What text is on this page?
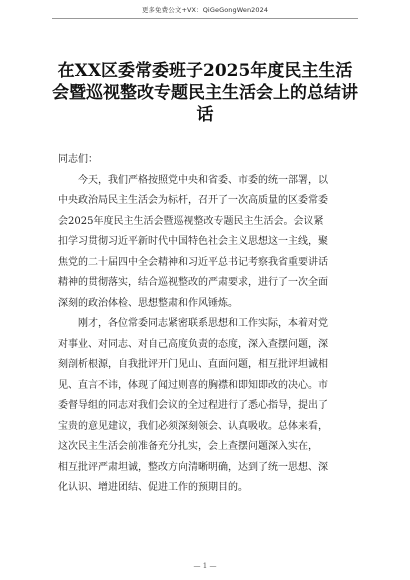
更多免费公文+VX：QiGeGongWen2024
在XX区委常委班子2025年度民主生活
会暨巡视整改专题民主生活会上的总结讲
话
同志们：
今天，我们严格按照党中央和省委、市委的统一部署，以
中央政治局民主生活会为标杆，召开了一次高质量的区委常委
会2025年度民主生活会暨巡视整改专题民主生活会。会议紧
扣学习贯彻习近平新时代中国特色社会主义思想这一主线，聚
焦党的二十届四中全会精神和习近平总书记考察我省重要讲话
精神的贯彻落实，结合巡视整改的严肃要求，进行了一次全面
深刻的政治体检、思想整肃和作风锤炼。
刚才，各位常委同志紧密联系思想和工作实际，本着对党
对事业、对同志、对自己高度负责的态度，深入查摆问题，深
刻剖析根源，自我批评开门见山、直面问题，相互批评坦诚相
见、直言不讳，体现了闻过则喜的胸襟和即知即改的决心。市
委督导组的同志对我们会议的全过程进行了悉心指导，提出了
宝贵的意见建议，我们必须深刻领会、认真吸收。总体来看，
这次民主生活会前准备充分扎实，会上查摆问题深入实在，
相互批评严肃坦诚，整改方向清晰明确，达到了统一思想、深
化认识、增进团结、促进工作的预期目的。
— 1 —
